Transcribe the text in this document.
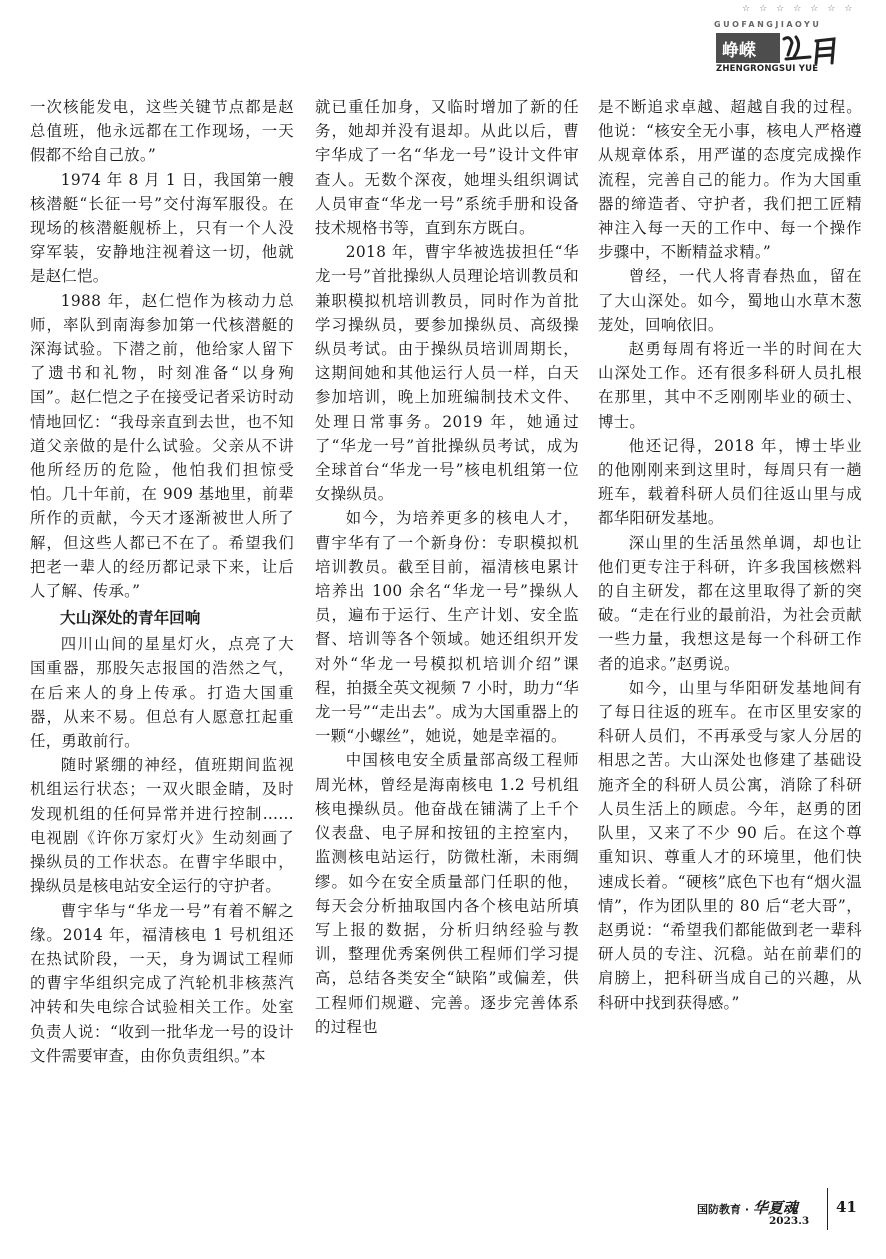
☆☆☆☆☆☆☆
GUOFANGJIAOYU
峥嵘
ZHENGRONGSUI YUE

一次核能发电，这些关键节点都是赵总值班，他永远都在工作现场，一天假都不给自己放。”

1974 年 8 月 1 日，我国第一艘核潜艇“长征一号”交付海军服役。在现场的核潜艇舰桥上，只有一个人没穿军装，安静地注视着这一切，他就是赵仁恺。

1988 年，赵仁恺作为核动力总师，率队到南海参加第一代核潜艇的深海试验。下潜之前，他给家人留下了遗书和礼物，时刻准备“以身殉国”。赵仁恺之子在接受记者采访时动情地回忆：“我母亲直到去世，也不知道父亲做的是什么试验。父亲从不讲他所经历的危险，他怕我们担惊受怕。几十年前，在 909 基地里，前辈所作的贡献，今天才逐渐被世人所了解，但这些人都已不在了。希望我们把老一辈人的经历都记录下来，让后人了解、传承。”

大山深处的青年回响

四川山间的星星灯火，点亮了大国重器，那股矢志报国的浩然之气，在后来人的身上传承。打造大国重器，从来不易。但总有人愿意扛起重任，勇敢前行。

随时紧绷的神经，值班期间监视机组运行状态；一双火眼金睛，及时发现机组的任何异常并进行控制……电视剧《许你万家灯火》生动刻画了操纵员的工作状态。在曹宇华眼中，操纵员是核电站安全运行的守护者。

曹宇华与“华龙一号”有着不解之缘。2014 年，福清核电 1 号机组还在热试阶段，一天，身为调试工程师的曹宇华组织完成了汽轮机非核蒸汽冲转和失电综合试验相关工作。处室负责人说：“收到一批华龙一号的设计文件需要审查，由你负责组织。”本

就已重任加身，又临时增加了新的任务，她却并没有退却。从此以后，曹宇华成了一名“华龙一号”设计文件审查人。无数个深夜，她埋头组织调试人员审查“华龙一号”系统手册和设备技术规格书等，直到东方既白。

2018 年，曹宇华被选拔担任“华龙一号”首批操纵人员理论培训教员和兼职模拟机培训教员，同时作为首批学习操纵员，要参加操纵员、高级操纵员考试。由于操纵员培训周期长，这期间她和其他运行人员一样，白天参加培训，晚上加班编制技术文件、处理日常事务。2019 年，她通过了“华龙一号”首批操纵员考试，成为全球首台“华龙一号”核电机组第一位女操纵员。

如今，为培养更多的核电人才，曹宇华有了一个新身份：专职模拟机培训教员。截至目前，福清核电累计培养出 100 余名“华龙一号”操纵人员，遍布于运行、生产计划、安全监督、培训等各个领域。她还组织开发对外“华龙一号模拟机培训介绍”课程，拍摄全英文视频 7 小时，助力“华龙一号”“走出去”。成为大国重器上的一颗“小螺丝”，她说，她是幸福的。

中国核电安全质量部高级工程师周光林，曾经是海南核电 1.2 号机组核电操纵员。他奋战在铺满了上千个仪表盘、电子屏和按钮的主控室内，监测核电站运行，防微杜渐，未雨绸缪。如今在安全质量部门任职的他，每天会分析抽取国内各个核电站所填写上报的数据，分析归纳经验与教训，整理优秀案例供工程师们学习提高，总结各类安全“缺陷”或偏差，供工程师们规避、完善。逐步完善体系的过程也

是不断追求卓越、超越自我的过程。他说：“核安全无小事，核电人严格遵从规章体系，用严谨的态度完成操作流程，完善自己的能力。作为大国重器的缔造者、守护者，我们把工匠精神注入每一天的工作中、每一个操作步骤中，不断精益求精。”

曾经，一代人将青春热血，留在了大山深处。如今，蜀地山水草木葱茏处，回响依旧。

赵勇每周有将近一半的时间在大山深处工作。还有很多科研人员扎根在那里，其中不乏刚刚毕业的硕士、博士。

他还记得，2018 年，博士毕业的他刚刚来到这里时，每周只有一趟班车，载着科研人员们往返山里与成都华阳研发基地。

深山里的生活虽然单调，却也让他们更专注于科研，许多我国核燃料的自主研发，都在这里取得了新的突破。“走在行业的最前沿，为社会贡献一些力量，我想这是每一个科研工作者的追求。”赵勇说。

如今，山里与华阳研发基地间有了每日往返的班车。在市区里安家的科研人员们，不再承受与家人分居的相思之苦。大山深处也修建了基础设施齐全的科研人员公寓，消除了科研人员生活上的顾虑。今年，赵勇的团队里，又来了不少 90 后。在这个尊重知识、尊重人才的环境里，他们快速成长着。“硬核”底色下也有“烟火温情”，作为团队里的 80 后“老大哥”，赵勇说：“希望我们都能做到老一辈科研人员的专注、沉稳。站在前辈们的肩膀上，把科研当成自己的兴趣，从科研中找到获得感。”

国防教育 · 华夏魂
2023.3
41
